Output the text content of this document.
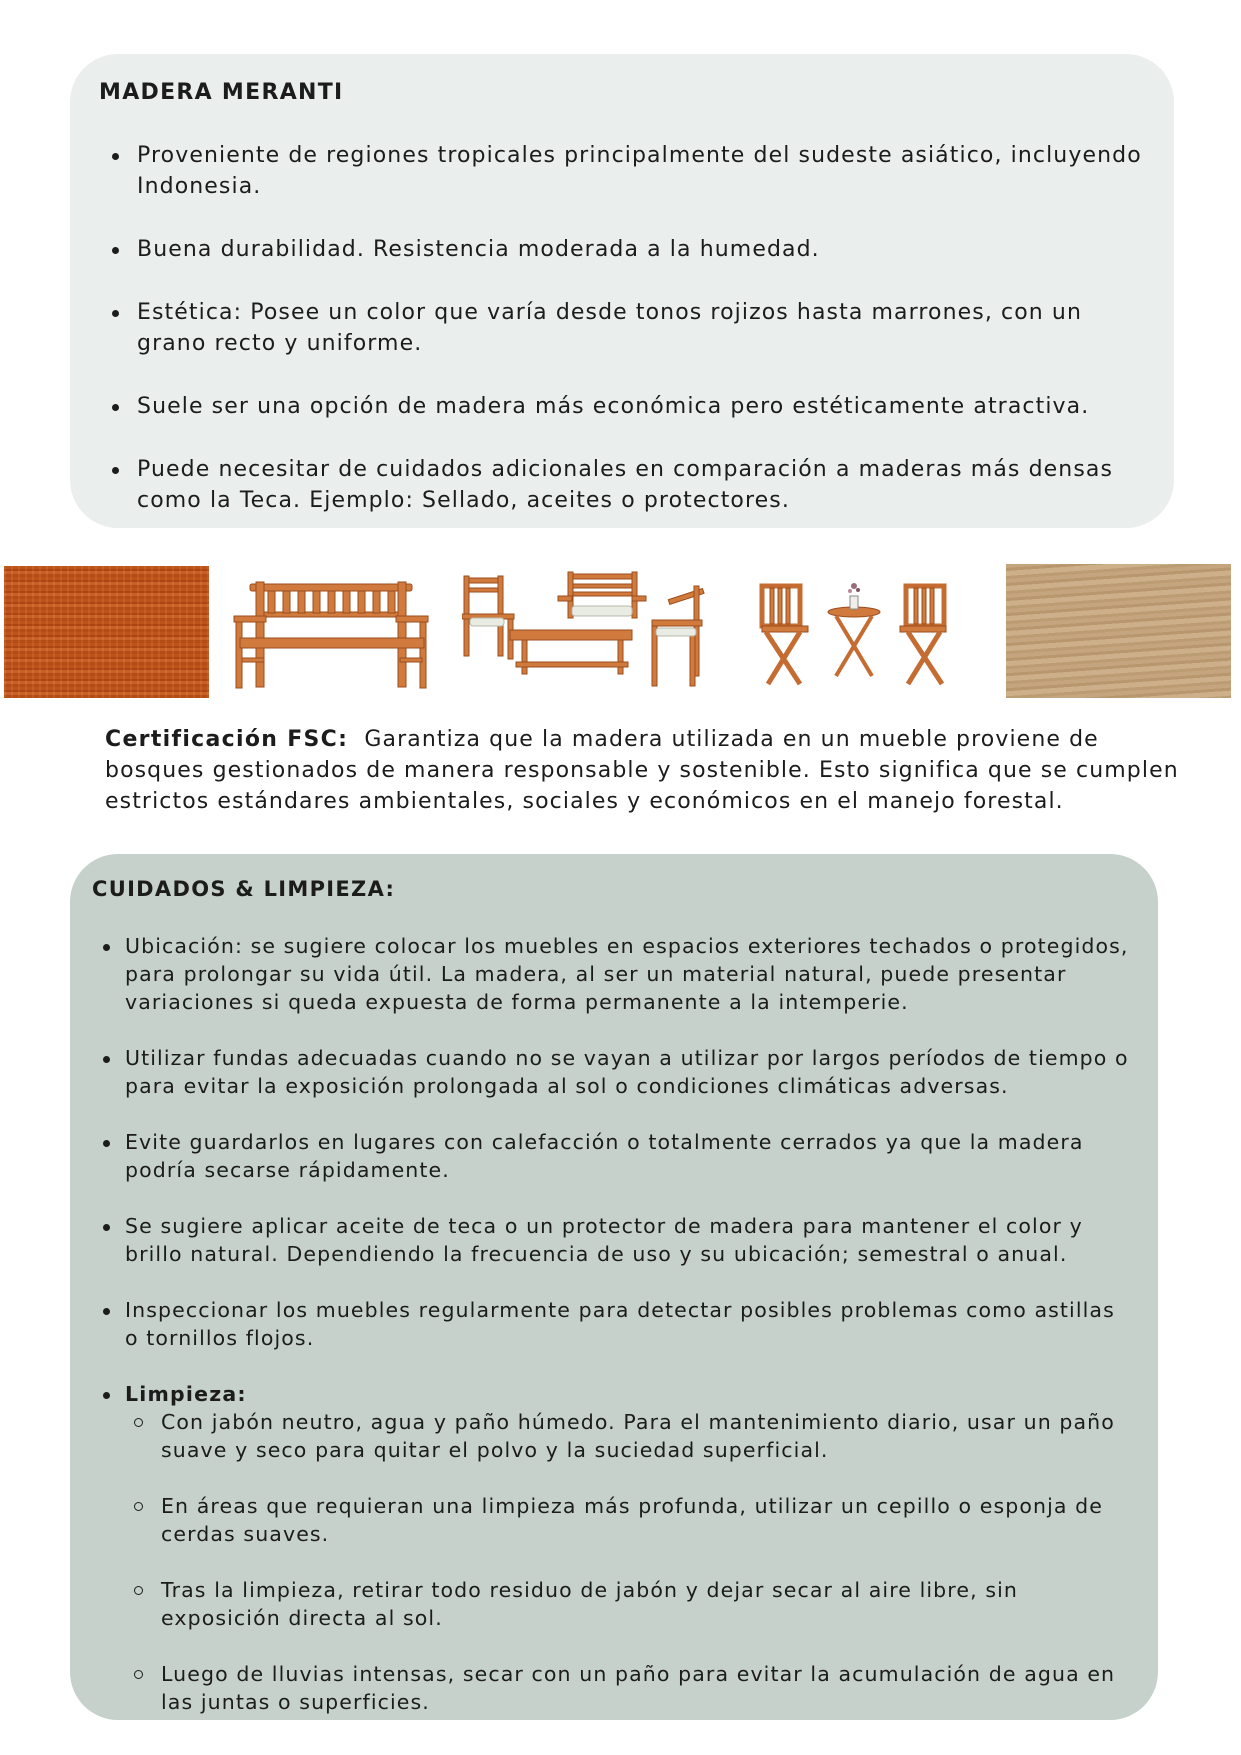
MADERA MERANTI
Proveniente de regiones tropicales principalmente del sudeste asiático, incluyendo Indonesia.
Buena durabilidad. Resistencia moderada a la humedad.
Estética: Posee un color que varía desde tonos rojizos hasta marrones, con un grano recto y uniforme.
Suele ser una opción de madera más económica pero estéticamente atractiva.
Puede necesitar de cuidados adicionales en comparación a maderas más densas como la Teca. Ejemplo: Sellado, aceites o protectores.
Certificación FSC: Garantiza que la madera utilizada en un mueble proviene de bosques gestionados de manera responsable y sostenible. Esto significa que se cumplen estrictos estándares ambientales, sociales y económicos en el manejo forestal.
CUIDADOS & LIMPIEZA:
Ubicación: se sugiere colocar los muebles en espacios exteriores techados o protegidos, para prolongar su vida útil. La madera, al ser un material natural, puede presentar variaciones si queda expuesta de forma permanente a la intemperie.
Utilizar fundas adecuadas cuando no se vayan a utilizar por largos períodos de tiempo o para evitar la exposición prolongada al sol o condiciones climáticas adversas.
Evite guardarlos en lugares con calefacción o totalmente cerrados ya que la madera podría secarse rápidamente.
Se sugiere aplicar aceite de teca o un protector de madera para mantener el color y brillo natural. Dependiendo la frecuencia de uso y su ubicación; semestral o anual.
Inspeccionar los muebles regularmente para detectar posibles problemas como astillas o tornillos flojos.
Limpieza:
Con jabón neutro, agua y paño húmedo. Para el mantenimiento diario, usar un paño suave y seco para quitar el polvo y la suciedad superficial.
En áreas que requieran una limpieza más profunda, utilizar un cepillo o esponja de cerdas suaves.
Tras la limpieza, retirar todo residuo de jabón y dejar secar al aire libre, sin exposición directa al sol.
Luego de lluvias intensas, secar con un paño para evitar la acumulación de agua en las juntas o superficies.
